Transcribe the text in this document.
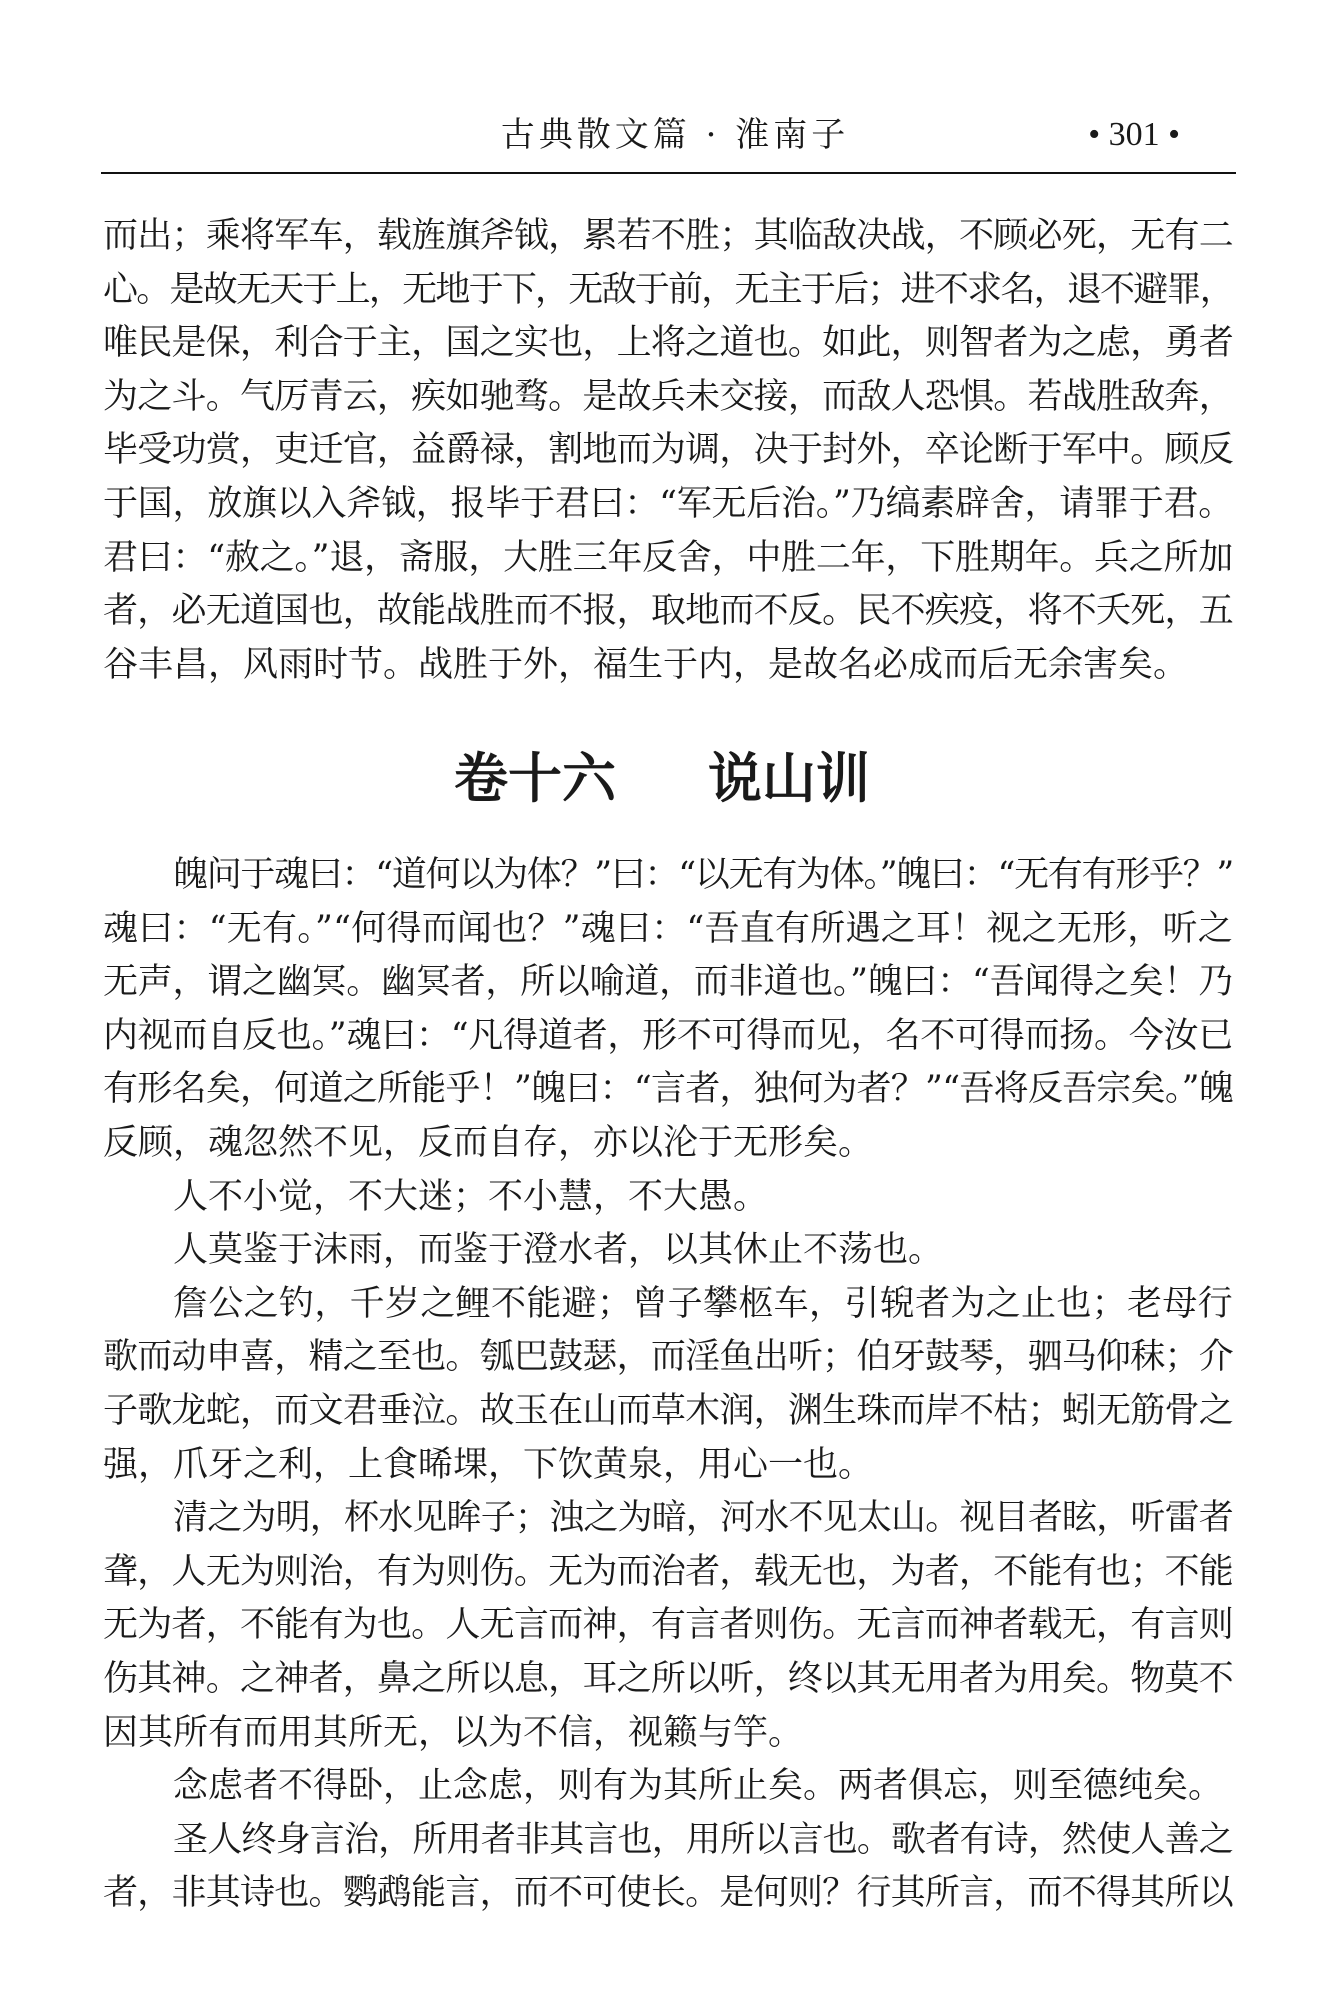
古典散文篇 · 淮南子	• 301 •
而出；乘将军车，载旌旗斧钺，累若不胜；其临敌决战，不顾必死，无有二
心。是故无天于上，无地于下，无敌于前，无主于后；进不求名，退不避罪，
唯民是保，利合于主，国之实也，上将之道也。如此，则智者为之虑，勇者
为之斗。气厉青云，疾如驰骛。是故兵未交接，而敌人恐惧。若战胜敌奔，
毕受功赏，吏迁官，益爵禄，割地而为调，决于封外，卒论断于军中。顾反
于国，放旗以入斧钺，报毕于君曰：“军无后治。”乃缟素辟舍，请罪于君。
君曰：“赦之。”退，斋服，大胜三年反舍，中胜二年，下胜期年。兵之所加
者，必无道国也，故能战胜而不报，取地而不反。民不疾疫，将不夭死，五
谷丰昌，风雨时节。战胜于外，福生于内，是故名必成而后无余害矣。
卷十六 说山训
魄问于魂曰：“道何以为体？”曰：“以无有为体。”魄曰：“无有有形乎？”
魂曰：“无有。”“何得而闻也？”魂曰：“吾直有所遇之耳！视之无形，听之
无声，谓之幽冥。幽冥者，所以喻道，而非道也。”魄曰：“吾闻得之矣！乃
内视而自反也。”魂曰：“凡得道者，形不可得而见，名不可得而扬。今汝已
有形名矣，何道之所能乎！”魄曰：“言者，独何为者？”“吾将反吾宗矣。”魄
反顾，魂忽然不见，反而自存，亦以沦于无形矣。
人不小觉，不大迷；不小慧，不大愚。
人莫鉴于沫雨，而鉴于澄水者，以其休止不荡也。
詹公之钓，千岁之鲤不能避；曾子攀柩车，引𫐐者为之止也；老母行
歌而动申喜，精之至也。瓠巴鼓瑟，而淫鱼出听；伯牙鼓琴，驷马仰秣；介
子歌龙蛇，而文君垂泣。故玉在山而草木润，渊生珠而岸不枯；蚓无筋骨之
强，爪牙之利，上食晞堁，下饮黄泉，用心一也。
清之为明，杯水见眸子；浊之为暗，河水不见太山。视目者眩，听雷者
聋，人无为则治，有为则伤。无为而治者，载无也，为者，不能有也；不能
无为者，不能有为也。人无言而神，有言者则伤。无言而神者载无，有言则
伤其神。之神者，鼻之所以息，耳之所以听，终以其无用者为用矣。物莫不
因其所有而用其所无，以为不信，视籁与竽。
念虑者不得卧，止念虑，则有为其所止矣。两者俱忘，则至德纯矣。
圣人终身言治，所用者非其言也，用所以言也。歌者有诗，然使人善之
者，非其诗也。鹦鹉能言，而不可使长。是何则？行其所言，而不得其所以
